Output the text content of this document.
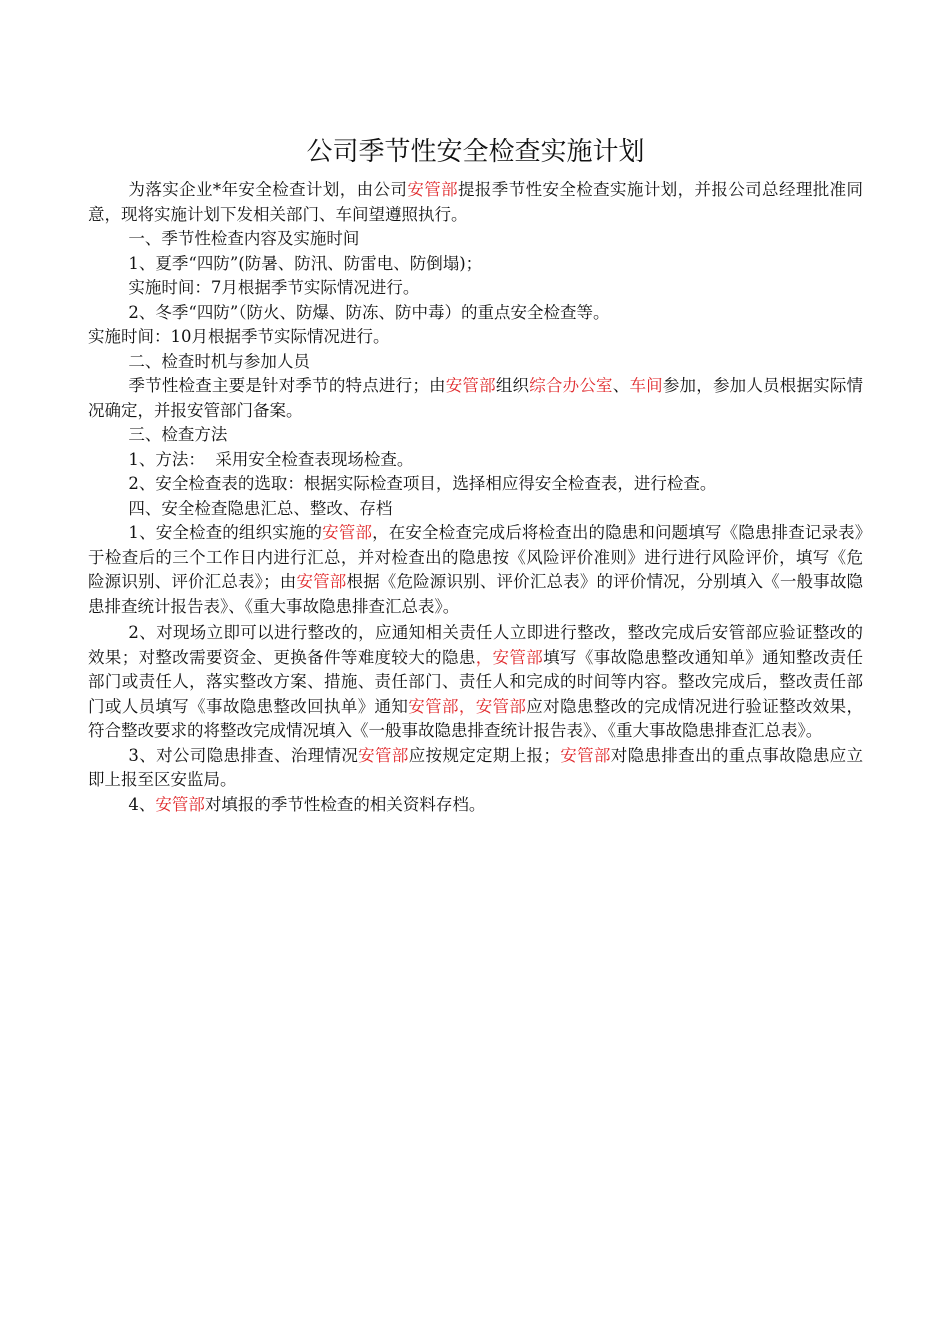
公司季节性安全检查实施计划

为落实企业*年安全检查计划，由公司安管部提报季节性安全检查实施计划，并报公司总经理批准同意，现将实施计划下发相关部门、车间望遵照执行。

一、季节性检查内容及实施时间

1、夏季“四防”(防暑、防汛、防雷电、防倒塌)；

实施时间：7月根据季节实际情况进行。

2、冬季“四防”（防火、防爆、防冻、防中毒）的重点安全检查等。

实施时间：10月根据季节实际情况进行。

二、检查时机与参加人员

季节性检查主要是针对季节的特点进行；由安管部组织综合办公室、车间参加，参加人员根据实际情况确定，并报安管部门备案。

三、检查方法

1、方法：  采用安全检查表现场检查。

2、安全检查表的选取：根据实际检查项目，选择相应得安全检查表，进行检查。

四、安全检查隐患汇总、整改、存档

1、安全检查的组织实施的安管部，在安全检查完成后将检查出的隐患和问题填写《隐患排查记录表》于检查后的三个工作日内进行汇总，并对检查出的隐患按《风险评价准则》进行进行风险评价，填写《危险源识别、评价汇总表》；由安管部根据《危险源识别、评价汇总表》的评价情况，分别填入《一般事故隐患排查统计报告表》、《重大事故隐患排查汇总表》。

2、对现场立即可以进行整改的，应通知相关责任人立即进行整改，整改完成后安管部应验证整改的效果；对整改需要资金、更换备件等难度较大的隐患，安管部填写《事故隐患整改通知单》通知整改责任部门或责任人，落实整改方案、措施、责任部门、责任人和完成的时间等内容。整改完成后，整改责任部门或人员填写《事故隐患整改回执单》通知安管部，安管部应对隐患整改的完成情况进行验证整改效果，符合整改要求的将整改完成情况填入《一般事故隐患排查统计报告表》、《重大事故隐患排查汇总表》。

3、对公司隐患排查、治理情况安管部应按规定定期上报；安管部对隐患排查出的重点事故隐患应立即上报至区安监局。

4、安管部对填报的季节性检查的相关资料存档。
